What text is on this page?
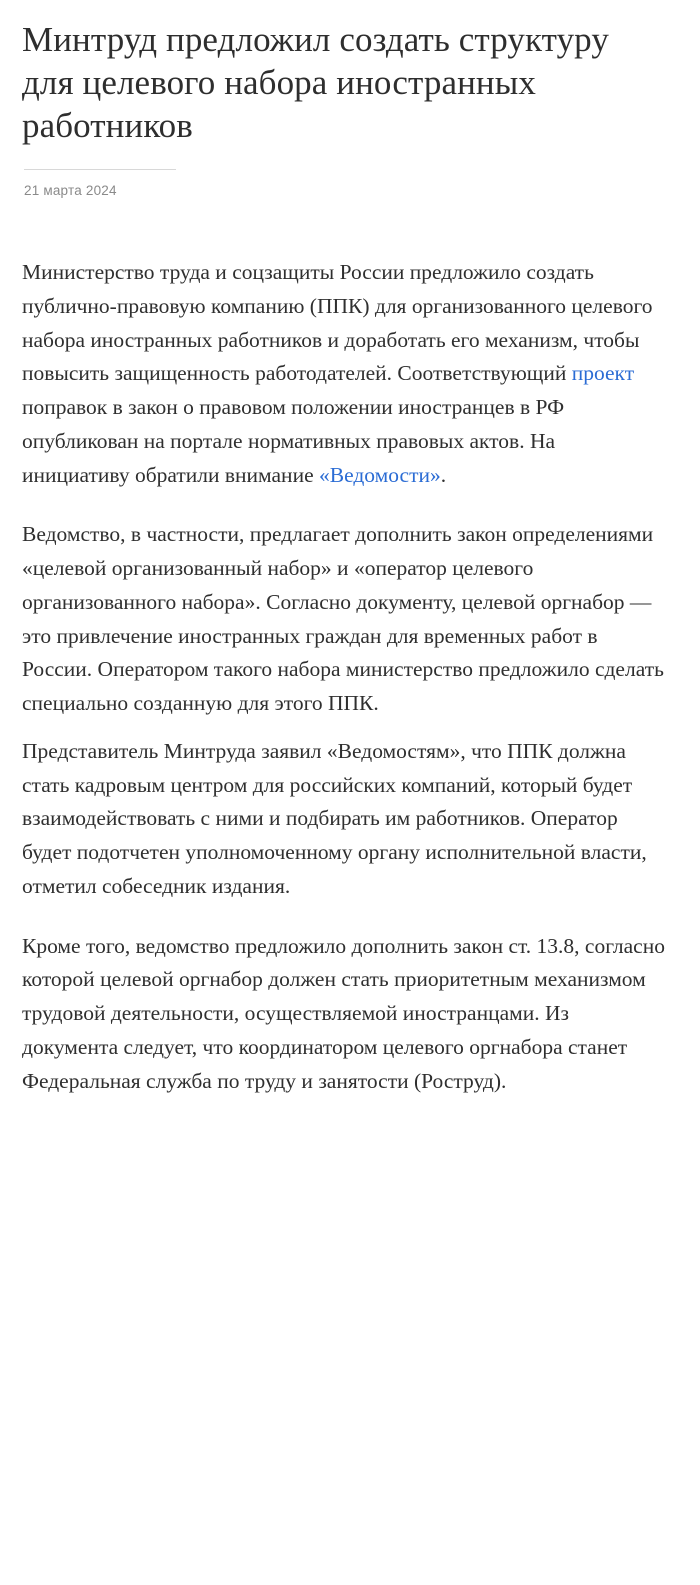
Минтруд предложил создать структуру для целевого набора иностранных работников
21 марта 2024

Министерство труда и соцзащиты России предложило создать публично-правовую компанию (ППК) для организованного целевого набора иностранных работников и доработать его механизм, чтобы повысить защищенность работодателей. Соответствующий проект поправок в закон о правовом положении иностранцев в РФ опубликован на портале нормативных правовых актов. На инициативу обратили внимание «Ведомости».

Ведомство, в частности, предлагает дополнить закон определениями «целевой организованный набор» и «оператор целевого организованного набора». Согласно документу, целевой оргнабор — это привлечение иностранных граждан для временных работ в России. Оператором такого набора министерство предложило сделать специально созданную для этого ППК.

Представитель Минтруда заявил «Ведомостям», что ППК должна стать кадровым центром для российских компаний, который будет взаимодействовать с ними и подбирать им работников. Оператор будет подотчетен уполномоченному органу исполнительной власти, отметил собеседник издания.

Кроме того, ведомство предложило дополнить закон ст. 13.8, согласно которой целевой оргнабор должен стать приоритетным механизмом трудовой деятельности, осуществляемой иностранцами. Из документа следует, что координатором целевого оргнабора станет Федеральная служба по труду и занятости (Роструд).
